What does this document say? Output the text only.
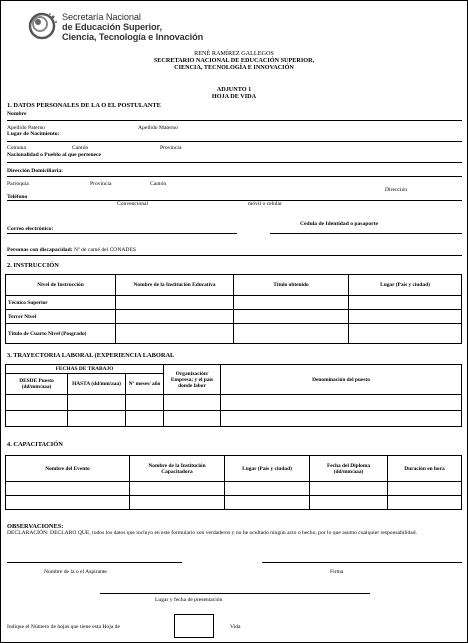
Secretaría Nacional
de Educación Superior,
Ciencia, Tecnología e Innovación
RENÉ RAMÍREZ GALLEGOS
SECRETARIO NACIONAL DE EDUCACIÓN SUPERIOR,
CIENCIA, TECNOLOGÍA E INNOVACIÓN
ADJUNTO 1
HOJA DE VIDA
1. DATOS PERSONALES DE LA O EL POSTULANTE
Nombre
Apellido Paterno	Apellido Materno
Lugar de Nacimiento:
Comuna	Cantón	Provincia
Nacionalidad o Pueblo al que pertenece
Dirección Domiciliaria:
Parroquia	Provincia	Cantón
Dirección
Teléfono
Convencional	móvil o celular
Cédula de Identidad o pasaporte
Correo electrónico:
Personas con discapacidad: Nº de carné del CONADES
2. INSTRUCCIÓN
Nivel de Instrucción	Nombre de la Institución Educativa	Título obtenido	Lugar (País y ciudad)
Técnico Superior			
Tercer Nivel			
Título de Cuarto Nivel (Posgrado)			
3. TRAYECTORIA LABORAL (EXPERIENCIA LABORAL
FECHAS DE TRABAJO			Organización/ Empresa; y el país donde labor	Denominación del puesto
DESDE Puesto (dd/mm/aaa)	HASTA (dd/mm/aaa)	Nº meses/ año		

4. CAPACITACIÓN
Nombre del Evento	Nombre de la Institución Capacitadora	Lugar (País y ciudad)	Fecha del Diploma (dd/mm/aaa)	Duración en hora

OBSERVACIONES:
DECLARACIÓN: DECLARO QUE, todos los datos que incluyo en este formulario son verdaderos y no he ocultado ningún acto o hecho, por lo que asumo cualquier responsabilidad.
Nombre de la o el Aspirante	Firma
Lugar y fecha de presentación
Indique el Número de hojas que tiene esta Hoja de	Vida
